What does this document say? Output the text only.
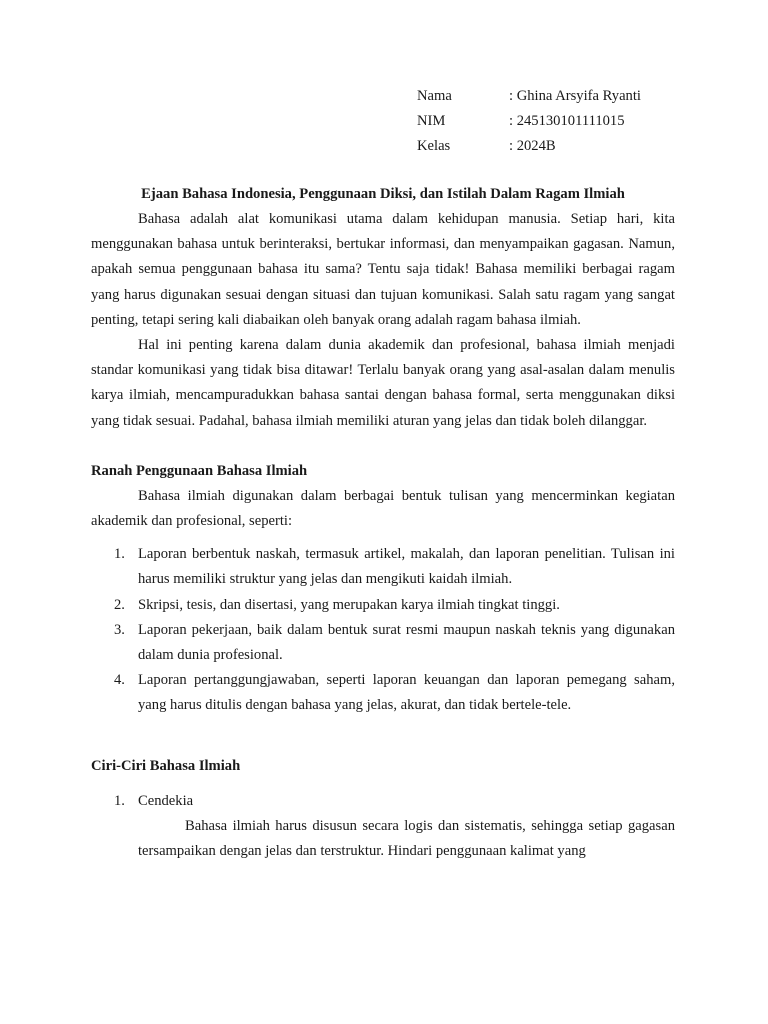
Nama	: Ghina Arsyifa Ryanti
NIM	: 245130101111015
Kelas	: 2024B

Ejaan Bahasa Indonesia, Penggunaan Diksi, dan Istilah Dalam Ragam Ilmiah

Bahasa adalah alat komunikasi utama dalam kehidupan manusia. Setiap hari, kita menggunakan bahasa untuk berinteraksi, bertukar informasi, dan menyampaikan gagasan. Namun, apakah semua penggunaan bahasa itu sama? Tentu saja tidak! Bahasa memiliki berbagai ragam yang harus digunakan sesuai dengan situasi dan tujuan komunikasi. Salah satu ragam yang sangat penting, tetapi sering kali diabaikan oleh banyak orang adalah ragam bahasa ilmiah.

Hal ini penting karena dalam dunia akademik dan profesional, bahasa ilmiah menjadi standar komunikasi yang tidak bisa ditawar! Terlalu banyak orang yang asal-asalan dalam menulis karya ilmiah, mencampuradukkan bahasa santai dengan bahasa formal, serta menggunakan diksi yang tidak sesuai. Padahal, bahasa ilmiah memiliki aturan yang jelas dan tidak boleh dilanggar.

Ranah Penggunaan Bahasa Ilmiah

Bahasa ilmiah digunakan dalam berbagai bentuk tulisan yang mencerminkan kegiatan akademik dan profesional, seperti:

1. Laporan berbentuk naskah, termasuk artikel, makalah, dan laporan penelitian. Tulisan ini harus memiliki struktur yang jelas dan mengikuti kaidah ilmiah.
2. Skripsi, tesis, dan disertasi, yang merupakan karya ilmiah tingkat tinggi.
3. Laporan pekerjaan, baik dalam bentuk surat resmi maupun naskah teknis yang digunakan dalam dunia profesional.
4. Laporan pertanggungjawaban, seperti laporan keuangan dan laporan pemegang saham, yang harus ditulis dengan bahasa yang jelas, akurat, dan tidak bertele-tele.

Ciri-Ciri Bahasa Ilmiah

1. Cendekia

Bahasa ilmiah harus disusun secara logis dan sistematis, sehingga setiap gagasan tersampaikan dengan jelas dan terstruktur. Hindari penggunaan kalimat yang
